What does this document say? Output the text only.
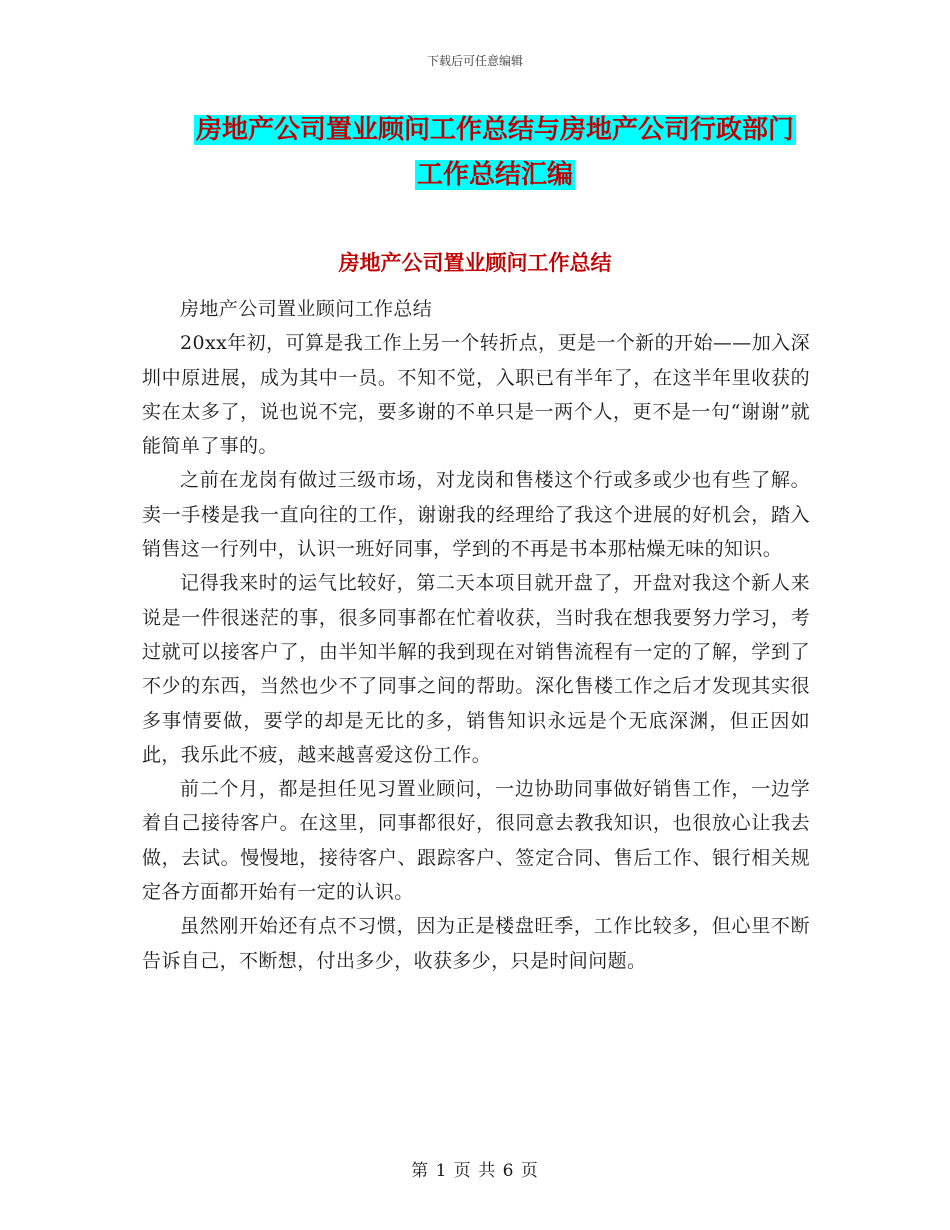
下载后可任意编辑
房地产公司置业顾问工作总结与房地产公司行政部门
工作总结汇编
房地产公司置业顾问工作总结

房地产公司置业顾问工作总结

20xx年初，可算是我工作上另一个转折点，更是一个新的开始——加入深圳中原进展，成为其中一员。不知不觉，入职已有半年了，在这半年里收获的实在太多了，说也说不完，要多谢的不单只是一两个人，更不是一句“谢谢”就能简单了事的。

之前在龙岗有做过三级市场，对龙岗和售楼这个行或多或少也有些了解。卖一手楼是我一直向往的工作，谢谢我的经理给了我这个进展的好机会，踏入销售这一行列中，认识一班好同事，学到的不再是书本那枯燥无味的知识。

记得我来时的运气比较好，第二天本项目就开盘了，开盘对我这个新人来说是一件很迷茫的事，很多同事都在忙着收获，当时我在想我要努力学习，考过就可以接客户了，由半知半解的我到现在对销售流程有一定的了解，学到了不少的东西，当然也少不了同事之间的帮助。深化售楼工作之后才发现其实很多事情要做，要学的却是无比的多，销售知识永远是个无底深渊，但正因如此，我乐此不疲，越来越喜爱这份工作。

前二个月，都是担任见习置业顾问，一边协助同事做好销售工作，一边学着自己接待客户。在这里，同事都很好，很同意去教我知识，也很放心让我去做，去试。慢慢地，接待客户、跟踪客户、签定合同、售后工作、银行相关规定各方面都开始有一定的认识。

虽然刚开始还有点不习惯，因为正是楼盘旺季，工作比较多，但心里不断告诉自己，不断想，付出多少，收获多少，只是时间问题。

第 1 页 共 6 页
